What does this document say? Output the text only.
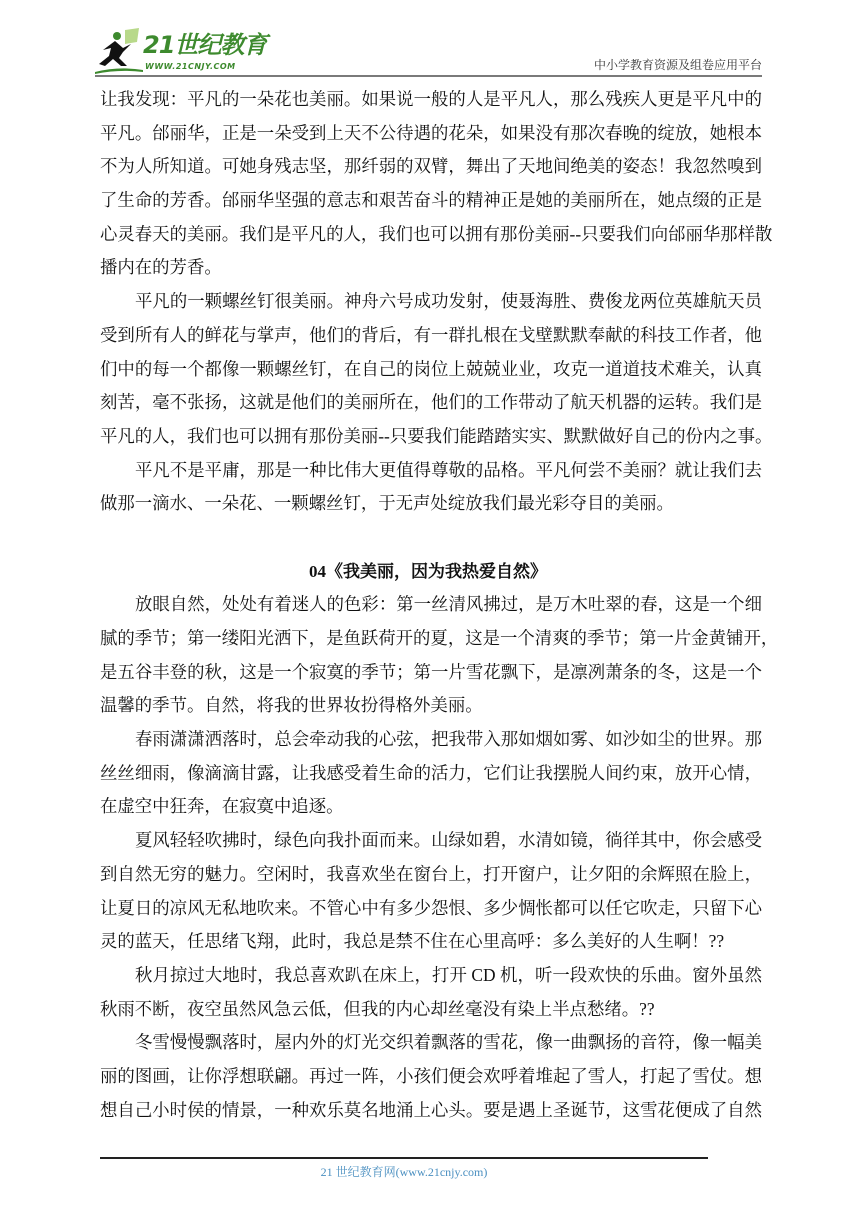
21世纪教育
WWW.21CNJY.COM	中小学教育资源及组卷应用平台
让我发现：平凡的一朵花也美丽。如果说一般的人是平凡人，那么残疾人更是平凡中的
平凡。邰丽华，正是一朵受到上天不公待遇的花朵，如果没有那次春晚的绽放，她根本
不为人所知道。可她身残志坚，那纤弱的双臂，舞出了天地间绝美的姿态！我忽然嗅到
了生命的芳香。邰丽华坚强的意志和艰苦奋斗的精神正是她的美丽所在，她点缀的正是
心灵春天的美丽。我们是平凡的人，我们也可以拥有那份美丽--只要我们向邰丽华那样散
播内在的芳香。
平凡的一颗螺丝钉很美丽。神舟六号成功发射，使聂海胜、费俊龙两位英雄航天员
受到所有人的鲜花与掌声，他们的背后，有一群扎根在戈壁默默奉献的科技工作者，他
们中的每一个都像一颗螺丝钉，在自己的岗位上兢兢业业，攻克一道道技术难关，认真
刻苦，毫不张扬，这就是他们的美丽所在，他们的工作带动了航天机器的运转。我们是
平凡的人，我们也可以拥有那份美丽--只要我们能踏踏实实、默默做好自己的份内之事。
平凡不是平庸，那是一种比伟大更值得尊敬的品格。平凡何尝不美丽？就让我们去
做那一滴水、一朵花、一颗螺丝钉，于无声处绽放我们最光彩夺目的美丽。
04《我美丽，因为我热爱自然》
放眼自然，处处有着迷人的色彩：第一丝清风拂过，是万木吐翠的春，这是一个细
腻的季节；第一缕阳光洒下，是鱼跃荷开的夏，这是一个清爽的季节；第一片金黄铺开，
是五谷丰登的秋，这是一个寂寞的季节；第一片雪花飘下，是凛冽萧条的冬，这是一个
温馨的季节。自然，将我的世界妆扮得格外美丽。
春雨潇潇洒落时，总会牵动我的心弦，把我带入那如烟如雾、如沙如尘的世界。那
丝丝细雨，像滴滴甘露，让我感受着生命的活力，它们让我摆脱人间约束，放开心情，
在虚空中狂奔，在寂寞中追逐。
夏风轻轻吹拂时，绿色向我扑面而来。山绿如碧，水清如镜，徜徉其中，你会感受
到自然无穷的魅力。空闲时，我喜欢坐在窗台上，打开窗户，让夕阳的余辉照在脸上，
让夏日的凉风无私地吹来。不管心中有多少怨恨、多少惆怅都可以任它吹走，只留下心
灵的蓝天，任思绪飞翔，此时，我总是禁不住在心里高呼：多么美好的人生啊！??
秋月掠过大地时，我总喜欢趴在床上，打开 CD 机，听一段欢快的乐曲。窗外虽然
秋雨不断，夜空虽然风急云低，但我的内心却丝毫没有染上半点愁绪。??
冬雪慢慢飘落时，屋内外的灯光交织着飘落的雪花，像一曲飘扬的音符，像一幅美
丽的图画，让你浮想联翩。再过一阵，小孩们便会欢呼着堆起了雪人，打起了雪仗。想
想自己小时侯的情景，一种欢乐莫名地涌上心头。要是遇上圣诞节，这雪花便成了自然
21 世纪教育网(www.21cnjy.com)
